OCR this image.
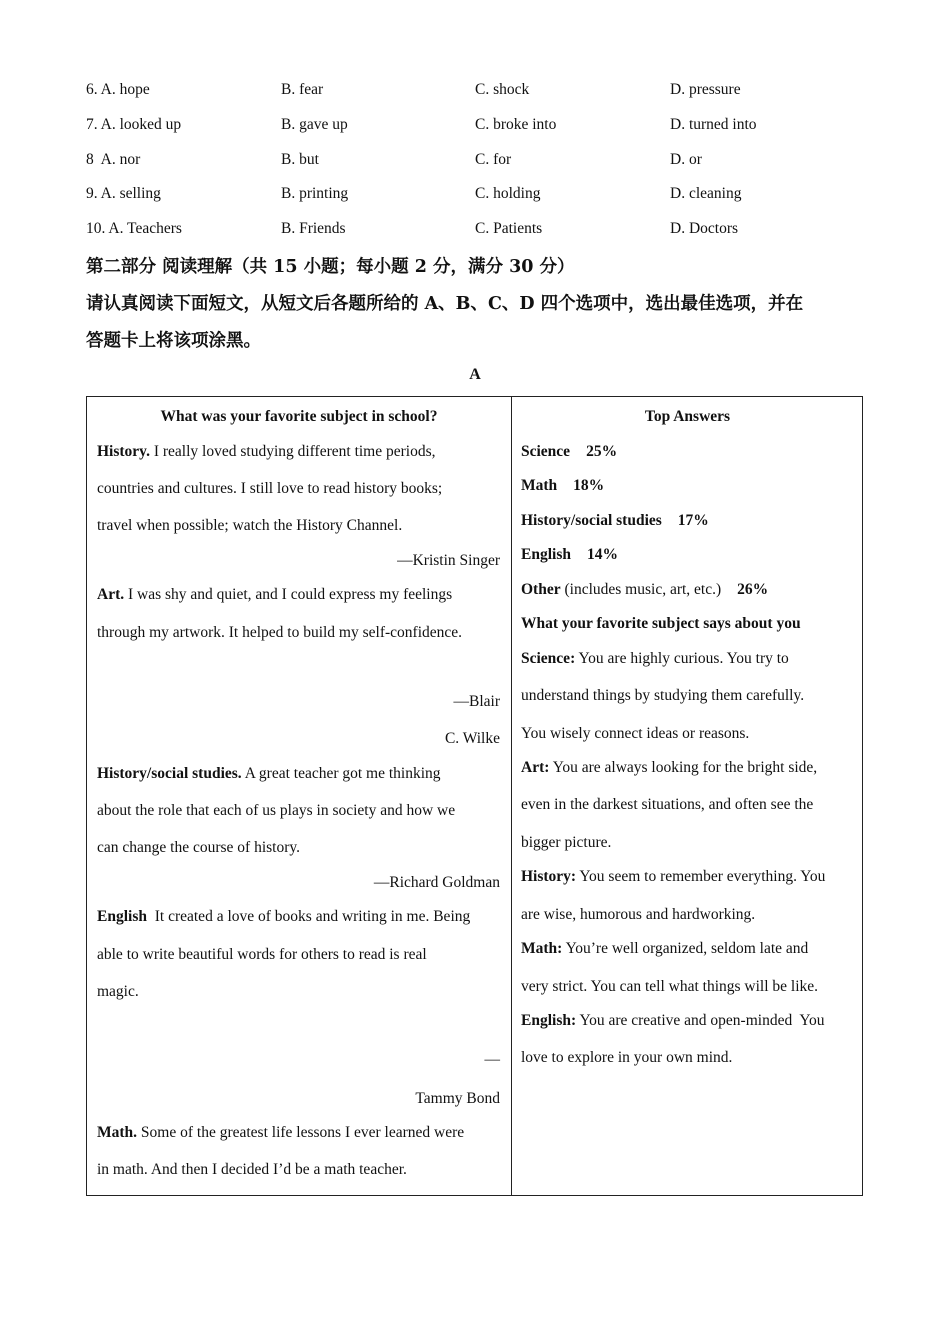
6. A. hope	B. fear	C. shock	D. pressure
7. A. looked up	B. gave up	C. broke into	D. turned into
8  A. nor	B. but	C. for	D. or
9. A. selling	B. printing	C. holding	D. cleaning
10. A. Teachers	B. Friends	C. Patients	D. Doctors
第二部分 阅读理解（共 15 小题；每小题 2 分，满分 30 分）
请认真阅读下面短文，从短文后各题所给的 A、B、C、D 四个选项中，选出最佳选项，并在
答题卡上将该项涂黑。
A
What was your favorite subject in school?
History. I really loved studying different time periods,
countries and cultures. I still love to read history books;
travel when possible; watch the History Channel.
—Kristin Singer
Art. I was shy and quiet, and I could express my feelings
through my artwork. It helped to build my self-confidence.
—Blair
C. Wilke
History/social studies. A great teacher got me thinking
about the role that each of us plays in society and how we
can change the course of history.
—Richard Goldman
English  It created a love of books and writing in me. Being
able to write beautiful words for others to read is real
magic.
—
Tammy Bond
Math. Some of the greatest life lessons I ever learned were
in math. And then I decided I’d be a math teacher.
Top Answers
Science 25%
Math 18%
History/social studies 17%
English 14%
Other (includes music, art, etc.) 26%
What your favorite subject says about you
Science: You are highly curious. You try to
understand things by studying them carefully.
You wisely connect ideas or reasons.
Art: You are always looking for the bright side,
even in the darkest situations, and often see the
bigger picture.
History: You seem to remember everything. You
are wise, humorous and hardworking.
Math: You’re well organized, seldom late and
very strict. You can tell what things will be like.
English: You are creative and open-minded  You
love to explore in your own mind.
